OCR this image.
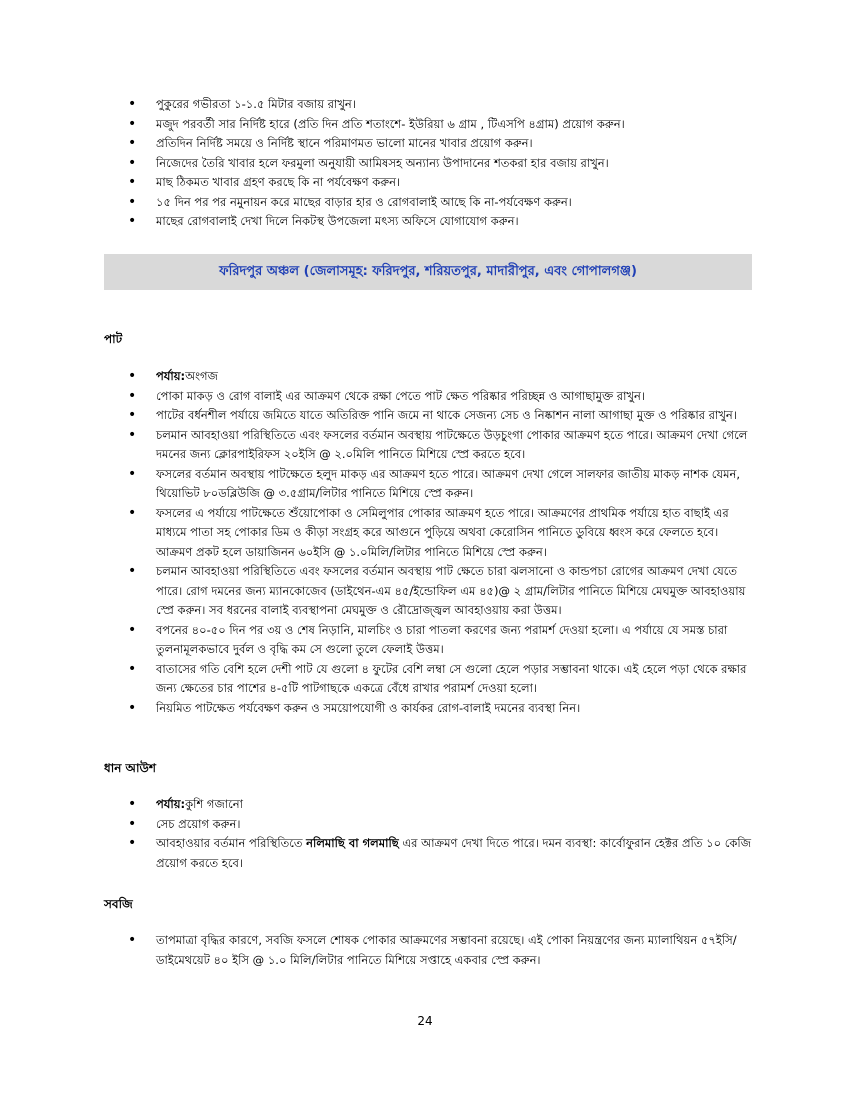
• পুকুরের গভীরতা ১-১.৫ মিটার বজায় রাখুন।
• মজুদ পরবর্তী সার নির্দিষ্ট হারে (প্রতি দিন প্রতি শতাংশে- ইউরিয়া ৬ গ্রাম , টিএসপি ৪গ্রাম) প্রয়োগ করুন।
• প্রতিদিন নির্দিষ্ট সময়ে ও নির্দিষ্ট স্থানে পরিমাণমত ভালো মানের খাবার প্রয়োগ করুন।
• নিজেদের তৈরি খাবার হলে ফরমুলা অনুযায়ী আমিষসহ অন্যান্য উপাদানের শতকরা হার বজায় রাখুন।
• মাছ ঠিকমত খাবার গ্রহণ করছে কি না পর্যবেক্ষণ করুন।
• ১৫ দিন পর পর নমুনায়ন করে মাছের বাড়ার হার ও রোগবালাই আছে কি না-পর্যবেক্ষণ করুন।
• মাছের রোগবালাই দেখা দিলে নিকটস্থ উপজেলা মৎস্য অফিসে যোগাযোগ করুন।
ফরিদপুর অঞ্চল (জেলাসমূহ: ফরিদপুর, শরিয়তপুর, মাদারীপুর, এবং গোপালগঞ্জ)
পাট
• পর্যায়:অংগজ
• পোকা মাকড় ও রোগ বালাই এর আক্রমণ থেকে রক্ষা পেতে পাট ক্ষেত পরিষ্কার পরিচ্ছন্ন ও আগাছামুক্ত রাখুন।
• পাটের বর্ধনশীল পর্যায়ে জমিতে যাতে অতিরিক্ত পানি জমে না থাকে সেজন্য সেচ ও নিষ্কাশন নালা আগাছা মুক্ত ও পরিষ্কার রাখুন।
• চলমান আবহাওয়া পরিস্থিতিতে এবং ফসলের বর্তমান অবস্থায় পাটক্ষেতে উড়চুংগা পোকার আক্রমণ হতে পারে। আক্রমণ দেখা গেলে দমনের জন্য ক্লোরপাইরিফস ২০ইসি @ ২.০মিলি পানিতে মিশিয়ে স্প্রে করতে হবে।
• ফসলের বর্তমান অবস্থায় পাটক্ষেতে হলুদ মাকড় এর আক্রমণ হতে পারে। আক্রমণ দেখা গেলে সালফার জাতীয় মাকড় নাশক যেমন, থিয়োভিট ৮০ডব্লিউজি @ ৩.৫গ্রাম/লিটার পানিতে মিশিয়ে স্প্রে করুন।
• ফসলের এ পর্যায়ে পাটক্ষেতে শুঁয়োপোকা ও সেমিলুপার পোকার আক্রমণ হতে পারে। আক্রমণের প্রাথমিক পর্যায়ে হাত বাছাই এর মাধ্যমে পাতা সহ পোকার ডিম ও কীড়া সংগ্রহ করে আগুনে পুড়িয়ে অথবা কেরোসিন পানিতে ডুবিয়ে ধ্বংস করে ফেলতে হবে। আক্রমণ প্রকট হলে ডায়াজিনন ৬০ইসি @ ১.০মিলি/লিটার পানিতে মিশিয়ে স্প্রে করুন।
• চলমান আবহাওয়া পরিস্থিতিতে এবং ফসলের বর্তমান অবস্থায় পাট ক্ষেতে চারা ঝলসানো ও কান্ডপচা রোগের আক্রমণ দেখা যেতে পারে। রোগ দমনের জন্য ম্যানকোজেব (ডাইথেন-এম ৪৫/ইন্ডোফিল এম ৪৫)@ ২ গ্রাম/লিটার পানিতে মিশিয়ে মেঘমুক্ত আবহাওয়ায় স্প্রে করুন। সব ধরনের বালাই ব্যবস্থাপনা মেঘমুক্ত ও রৌদ্রোজ্জ্বল আবহাওয়ায় করা উত্তম।
• বপনের ৪০-৫০ দিন পর ৩য় ও শেষ নিড়ানি, মালচিং ও চারা পাতলা করণের জন্য পরামর্শ দেওয়া হলো। এ পর্যায়ে যে সমস্ত চারা তুলনামূলকভাবে দুর্বল ও বৃদ্ধি কম সে গুলো তুলে ফেলাই উত্তম।
• বাতাসের গতি বেশি হলে দেশী পাট যে গুলো ৪ ফুটের বেশি লম্বা সে গুলো হেলে পড়ার সম্ভাবনা থাকে। এই হেলে পড়া থেকে রক্ষার জন্য ক্ষেতের চার পাশের ৪-৫টি পাটগাছকে একত্রে বেঁধে রাখার পরামর্শ দেওয়া হলো।
• নিয়মিত পাটক্ষেত পর্যবেক্ষণ করুন ও সময়োপযোগী ও কার্যকর রোগ-বালাই দমনের ব্যবস্থা নিন।
ধান আউশ
• পর্যায়:কুশি গজানো
• সেচ প্রয়োগ করুন।
• আবহাওয়ার বর্তমান পরিস্থিতিতে নলিমাছি বা গলমাছি এর আক্রমণ দেখা দিতে পারে। দমন ব্যবস্থা: কার্বোফুরান হেক্টর প্রতি ১০ কেজি প্রয়োগ করতে হবে।
সবজি
• তাপমাত্রা বৃদ্ধির কারণে, সবজি ফসলে শোষক পোকার আক্রমণের সম্ভাবনা রয়েছে। এই পোকা নিয়ন্ত্রণের জন্য ম্যালাথিয়ন ৫৭ইসি/ডাইমেথয়েট ৪০ ইসি @ ১.০ মিলি/লিটার পানিতে মিশিয়ে সপ্তাহে একবার স্প্রে করুন।
24
